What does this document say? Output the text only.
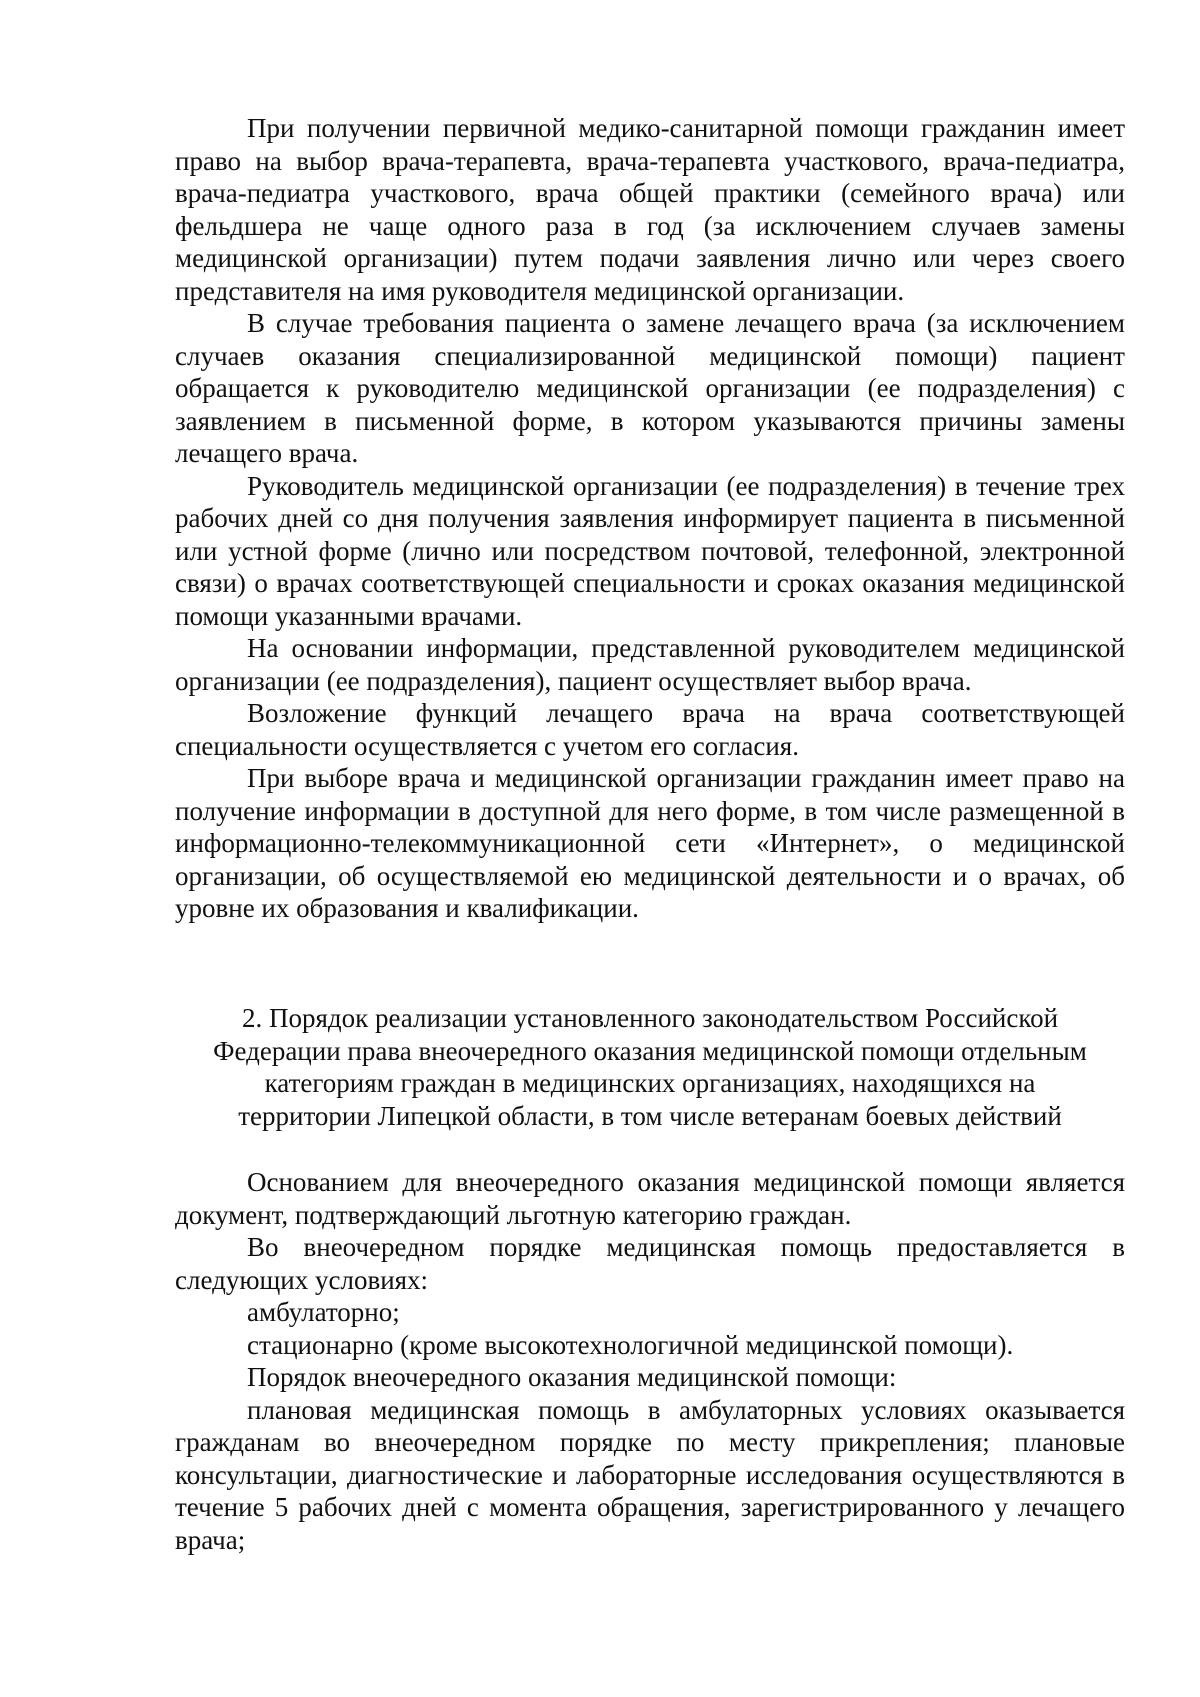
При получении первичной медико-санитарной помощи гражданин имеет право на выбор врача-терапевта, врача-терапевта участкового, врача-педиатра, врача-педиатра участкового, врача общей практики (семейного врача) или фельдшера не чаще одного раза в год (за исключением случаев замены медицинской организации) путем подачи заявления лично или через своего представителя на имя руководителя медицинской организации.

В случае требования пациента о замене лечащего врача (за исключением случаев оказания специализированной медицинской помощи) пациент обращается к руководителю медицинской организации (ее подразделения) с заявлением в письменной форме, в котором указываются причины замены лечащего врача.

Руководитель медицинской организации (ее подразделения) в течение трех рабочих дней со дня получения заявления информирует пациента в письменной или устной форме (лично или посредством почтовой, телефонной, электронной связи) о врачах соответствующей специальности и сроках оказания медицинской помощи указанными врачами.

На основании информации, представленной руководителем медицинской организации (ее подразделения), пациент осуществляет выбор врача.

Возложение функций лечащего врача на врача соответствующей специальности осуществляется с учетом его согласия.

При выборе врача и медицинской организации гражданин имеет право на получение информации в доступной для него форме, в том числе размещенной в информационно-телекоммуникационной сети «Интернет», о медицинской организации, об осуществляемой ею медицинской деятельности и о врачах, об уровне их образования и квалификации.

2. Порядок реализации установленного законодательством Российской
Федерации права внеочередного оказания медицинской помощи отдельным
категориям граждан в медицинских организациях, находящихся на
территории Липецкой области, в том числе ветеранам боевых действий

Основанием для внеочередного оказания медицинской помощи является документ, подтверждающий льготную категорию граждан.

Во внеочередном порядке медицинская помощь предоставляется в следующих условиях:

амбулаторно;

стационарно (кроме высокотехнологичной медицинской помощи).

Порядок внеочередного оказания медицинской помощи:

плановая медицинская помощь в амбулаторных условиях оказывается гражданам во внеочередном порядке по месту прикрепления; плановые консультации, диагностические и лабораторные исследования осуществляются в течение 5 рабочих дней с момента обращения, зарегистрированного у лечащего врача;
